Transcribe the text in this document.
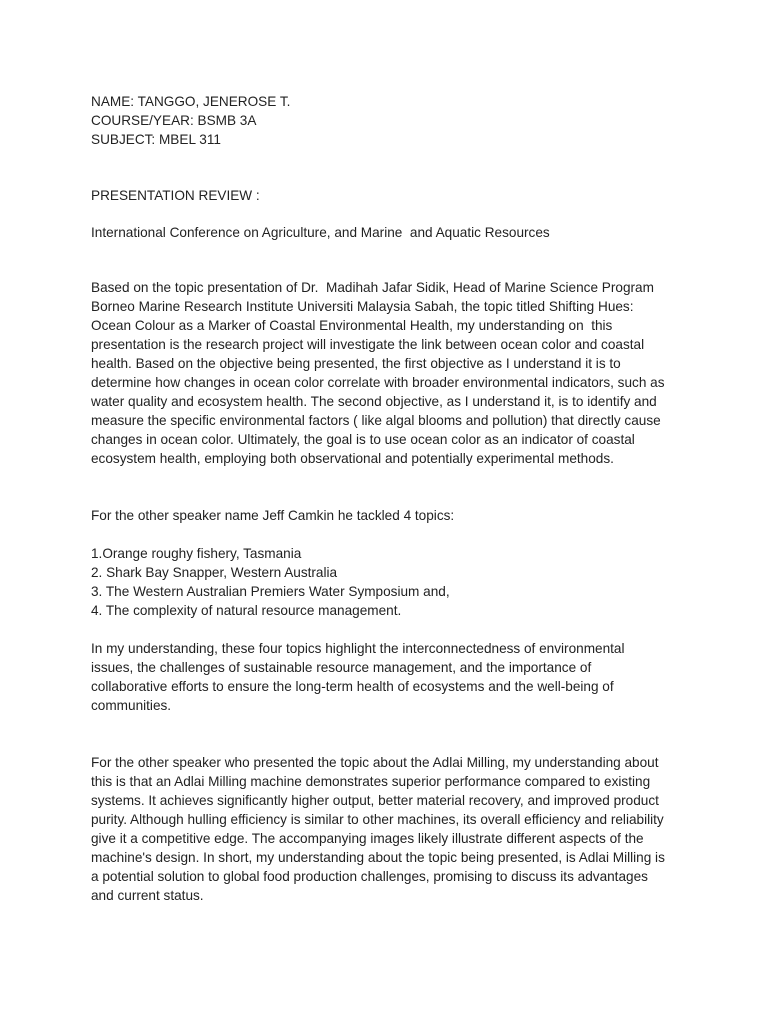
NAME: TANGGO, JENEROSE T.
COURSE/YEAR: BSMB 3A
SUBJECT: MBEL 311
PRESENTATION REVIEW :
International Conference on Agriculture, and Marine  and Aquatic Resources
Based on the topic presentation of Dr.  Madihah Jafar Sidik, Head of Marine Science Program
Borneo Marine Research Institute Universiti Malaysia Sabah, the topic titled Shifting Hues:
Ocean Colour as a Marker of Coastal Environmental Health, my understanding on  this
presentation is the research project will investigate the link between ocean color and coastal
health. Based on the objective being presented, the first objective as I understand it is to
determine how changes in ocean color correlate with broader environmental indicators, such as
water quality and ecosystem health. The second objective, as I understand it, is to identify and
measure the specific environmental factors ( like algal blooms and pollution) that directly cause
changes in ocean color. Ultimately, the goal is to use ocean color as an indicator of coastal
ecosystem health, employing both observational and potentially experimental methods.
For the other speaker name Jeff Camkin he tackled 4 topics:
1.Orange roughy fishery, Tasmania
2. Shark Bay Snapper, Western Australia
3. The Western Australian Premiers Water Symposium and,
4. The complexity of natural resource management.
In my understanding, these four topics highlight the interconnectedness of environmental
issues, the challenges of sustainable resource management, and the importance of
collaborative efforts to ensure the long-term health of ecosystems and the well-being of
communities.
For the other speaker who presented the topic about the Adlai Milling, my understanding about
this is that an Adlai Milling machine demonstrates superior performance compared to existing
systems. It achieves significantly higher output, better material recovery, and improved product
purity. Although hulling efficiency is similar to other machines, its overall efficiency and reliability
give it a competitive edge. The accompanying images likely illustrate different aspects of the
machine's design. In short, my understanding about the topic being presented, is Adlai Milling is
a potential solution to global food production challenges, promising to discuss its advantages
and current status.
